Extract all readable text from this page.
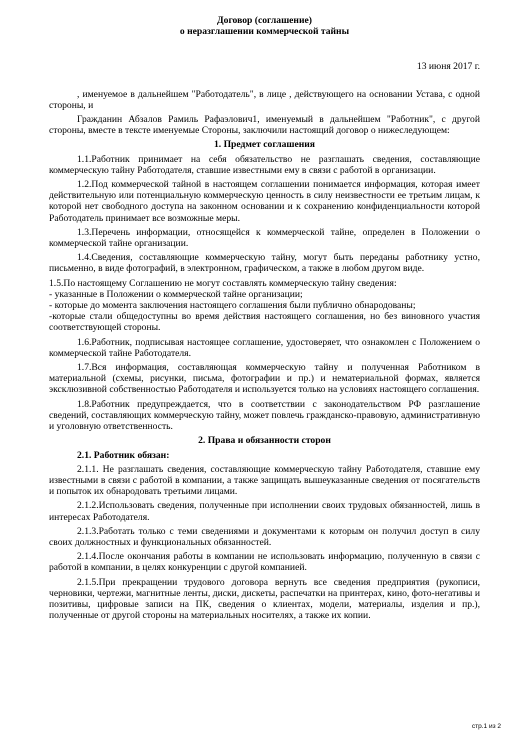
Договор (соглашение)

о неразглашении коммерческой тайны

13 июня 2017 г.

, именуемое в дальнейшем "Работодатель", в лице , действующего на основании Устава, с одной стороны, и

Гражданин Абзалов Рамиль Рафаэлович1, именуемый в дальнейшем "Работник", с другой стороны, вместе в тексте именуемые Стороны, заключили настоящий договор о нижеследующем:

1. Предмет соглашения

1.1.Работник принимает на себя обязательство не разглашать сведения, составляющие коммерческую тайну Работодателя, ставшие известными ему в связи с работой в организации.

1.2.Под коммерческой тайной в настоящем соглашении понимается информация, которая имеет действительную или потенциальную коммерческую ценность в силу неизвестности ее третьим лицам, к которой нет свободного доступа на законном основании и к сохранению конфиденциальности которой Работодатель принимает все возможные меры.

1.3.Перечень информации, относящейся к коммерческой тайне, определен в Положении о коммерческой тайне организации.

1.4.Сведения, составляющие коммерческую тайну, могут быть переданы работнику устно, письменно, в виде фотографий, в электронном, графическом, а также в любом другом виде.

1.5.По настоящему Соглашению не могут составлять коммерческую тайну сведения:

- указанные в Положении о коммерческой тайне организации;

- которые до момента заключения настоящего соглашения были публично обнародованы;

-которые стали общедоступны во время действия настоящего соглашения, но без виновного участия соответствующей стороны.

1.6.Работник, подписывая настоящее соглашение, удостоверяет, что ознакомлен с Положением о коммерческой тайне Работодателя.

1.7.Вся информация, составляющая коммерческую тайну и полученная Работником в материальной (схемы, рисунки, письма, фотографии и пр.) и нематериальной формах, является эксклюзивной собственностью Работодателя и используется только на условиях настоящего соглашения.

1.8.Работник предупреждается, что в соответствии с законодательством РФ разглашение сведений, составляющих коммерческую тайну, может повлечь гражданско-правовую, административную и уголовную ответственность.

2. Права и обязанности сторон
2.1. Работник обязан:

2.1.1. Не разглашать сведения, составляющие коммерческую тайну Работодателя, ставшие ему известными в связи с работой в компании, а также защищать вышеуказанные сведения от посягательств и попыток их обнародовать третьими лицами.

2.1.2.Использовать сведения, полученные при исполнении своих трудовых обязанностей, лишь в интересах Работодателя.

2.1.3.Работать только с теми сведениями и документами к которым он получил доступ в силу своих должностных и функциональных обязанностей.

2.1.4.После окончания работы в компании не использовать информацию, полученную в связи с работой в компании, в целях конкуренции с другой компанией.

2.1.5.При прекращении трудового договора вернуть все сведения предприятия (рукописи, черновики, чертежи, магнитные ленты, диски, дискеты, распечатки на принтерах, кино, фото-негативы и позитивы, цифровые записи на ПК, сведения о клиентах, модели, материалы, изделия и пр.), полученные от другой стороны на материальных носителях, а также их копии.

стр.1 из 2
